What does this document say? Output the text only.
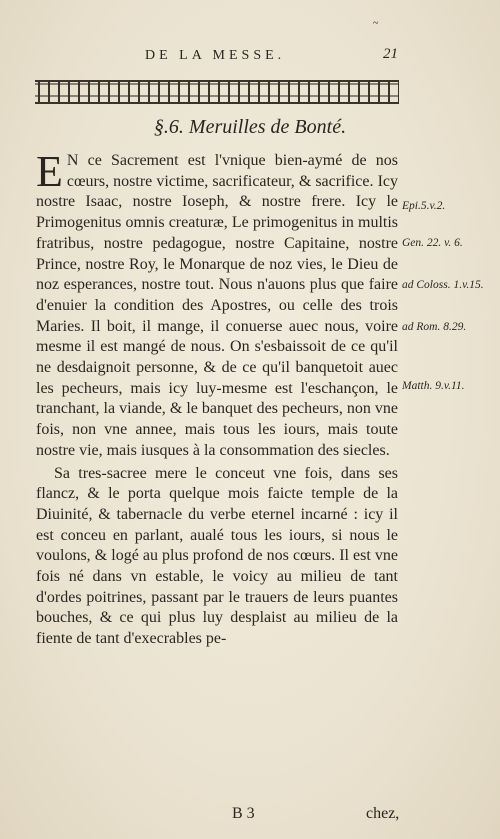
~
DE LA MESSE.	21
§.6. Meruilles de Bonté.

E N ce Sacrement est l'vnique bien-aymé de nos cœurs, nostre victime, sacrificateur, & sacrifice. Icy nostre Isaac, nostre Ioseph, & nostre frere. Icy le Primogenitus omnis creaturæ, Le primogenitus in multis fratribus, nostre pedagogue, nostre Capitaine, nostre Prince, nostre Roy, le Monarque de noz vies, le Dieu de noz esperances, nostre tout. Nous n'auons plus que faire d'enuier la condition des Apostres, ou celle des trois Maries. Il boit, il mange, il conuerse auec nous, voire mesme il est mangé de nous. On s'esbaissoit de ce qu'il ne desdaignoit personne, & de ce qu'il banquetoit auec les pecheurs, mais icy luy-mesme est l'eschançon, le tranchant, la viande, & le banquet des pecheurs, non vne fois, non vne annee, mais tous les iours, mais toute nostre vie, mais iusques à la consommation des siecles.

Sa tres-sacree mere le conceut vne fois, dans ses flancz, & le porta quelque mois faicte temple de la Diuinité, & tabernacle du verbe eternel incarné : icy il est conceu en parlant, aualé tous les iours, si nous le voulons, & logé au plus profond de nos cœurs. Il est vne fois né dans vn estable, le voicy au milieu de tant d'ordes poitrines, passant par le trauers de leurs puantes bouches, & ce qui plus luy desplaist au milieu de la fiente de tant d'execrables pe-

Epi.5.v.2.
Gen. 22. v. 6.
ad Coloss. 1.v.15.
ad Rom. 8.29.
Matth. 9.v.11.
B 3	chez,
